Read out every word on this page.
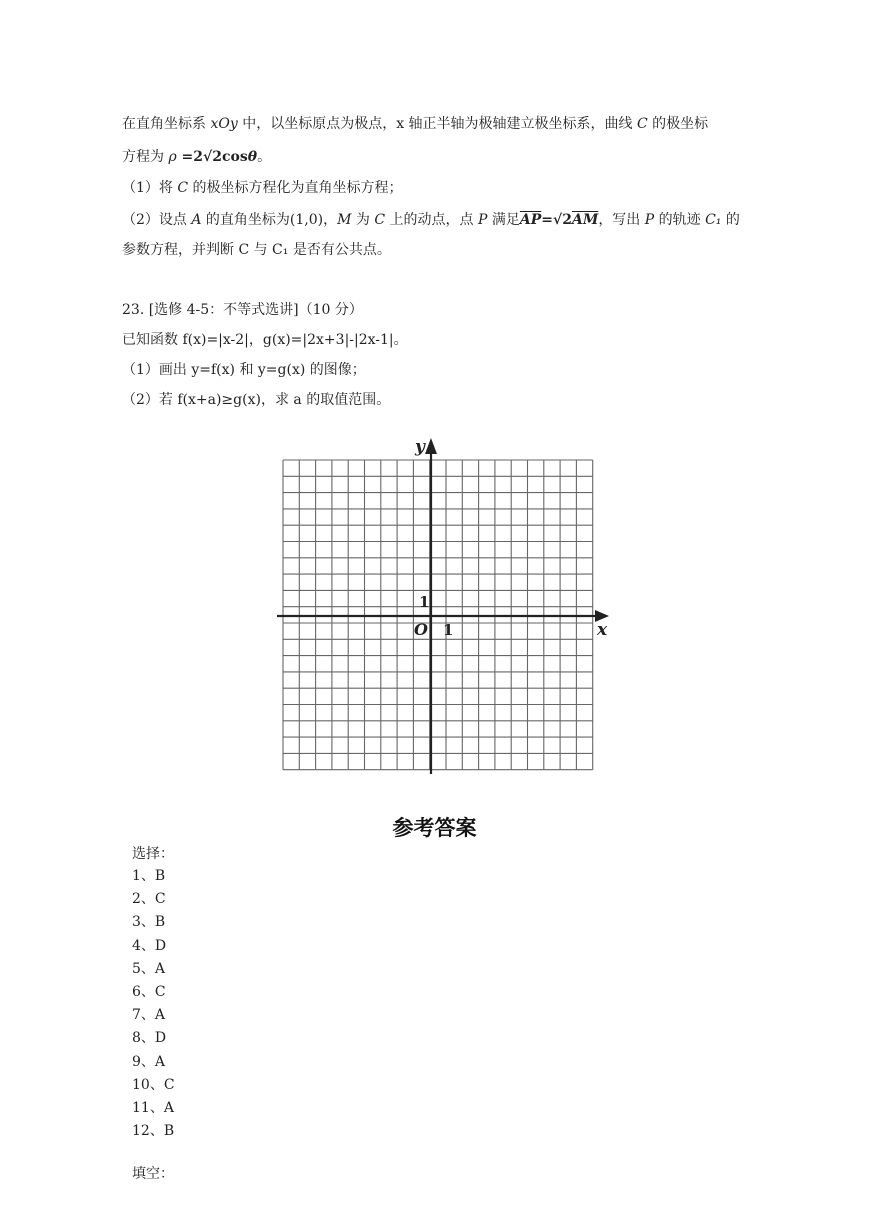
在直角坐标系 xOy 中，以坐标原点为极点，x 轴正半轴为极轴建立极坐标系，曲线 C 的极坐标
方程为 ρ =2√2cosθ。
（1）将 C 的极坐标方程化为直角坐标方程；
（2）设点 A 的直角坐标为(1,0)，M 为 C 上的动点，点 P 满足$\overline{AP}=√2\overline{AM}$，写出 P 的轨迹 C₁ 的
参数方程，并判断 C 与 C₁ 是否有公共点。
23. [选修 4-5：不等式选讲]（10 分）
已知函数 f(x)=|x-2|，g(x)=|2x+3|-|2x-1|。
（1）画出 y=f(x) 和 y=g(x) 的图像；
（2）若 f(x+a)≥g(x)，求 a 的取值范围。
y
x
O 1
1
参考答案
选择：
1、B
2、C
3、B
4、D
5、A
6、C
7、A
8、D
9、A
10、C
11、A
12、B
填空：
